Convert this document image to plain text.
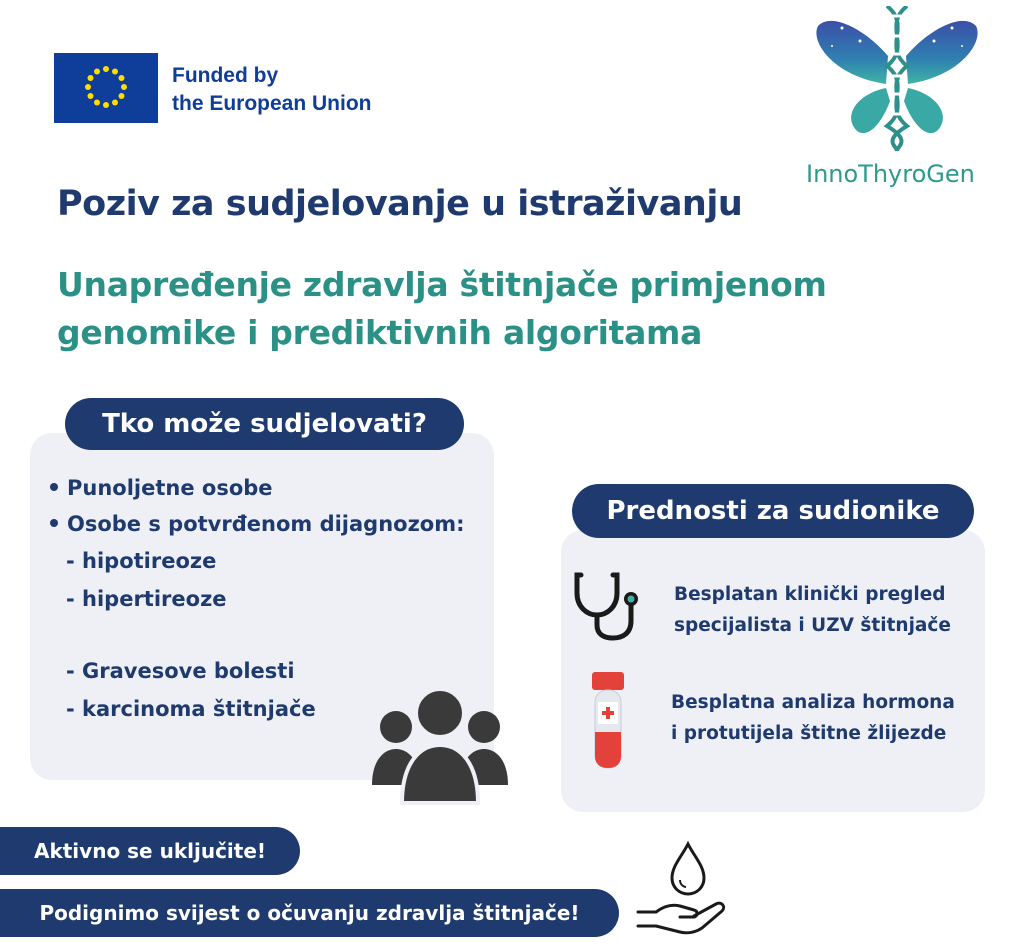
Funded by
the European Union
InnoThyroGen
Poziv za sudjelovanje u istraživanju
Unapređenje zdravlja štitnjače primjenom
genomike i prediktivnih algoritama
Tko može sudjelovati?
Punoljetne osobe
Osobe s potvrđenom dijagnozom:
- hipotireoze
- hipertireoze
- Gravesove bolesti
- karcinoma štitnjače
Prednosti za sudionike
Besplatan klinički pregled
specijalista i UZV štitnjače
Besplatna analiza hormona
i protutijela štitne žlijezde
Aktivno se uključite!
Podignimo svijest o očuvanju zdravlja štitnjače!
